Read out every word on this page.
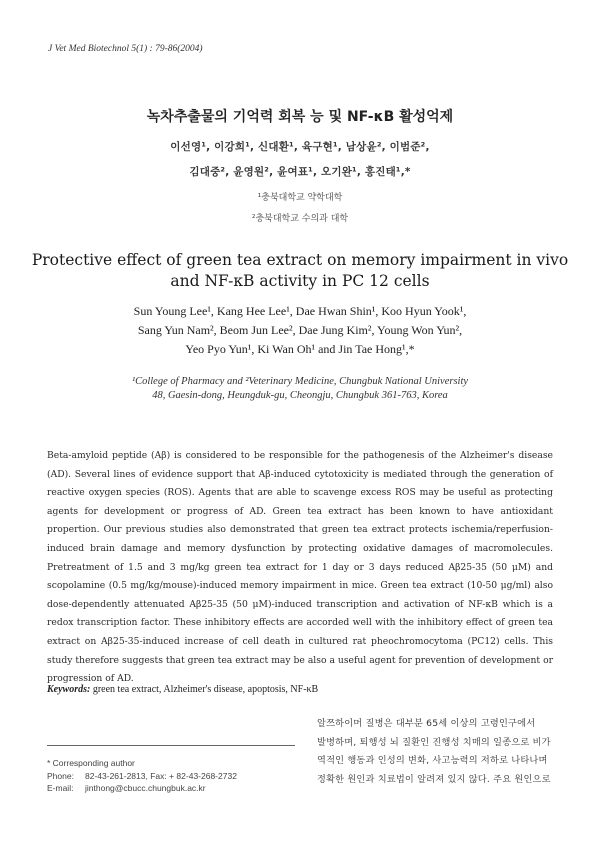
J Vet Med Biotechnol 5(1) : 79-86(2004)
녹차추출물의 기억력 회복 능 및 NF-κB 활성억제
이선영¹, 이강희¹, 신대환¹, 육구현¹, 남상윤², 이범준²,
김대중², 윤영원², 윤여표¹, 오기완¹, 홍진태¹,*
¹충북대학교 약학대학
²충북대학교 수의과 대학
Protective effect of green tea extract on memory impairment in vivo
and NF-κB activity in PC 12 cells
Sun Young Lee¹, Kang Hee Lee¹, Dae Hwan Shin¹, Koo Hyun Yook¹,
Sang Yun Nam², Beom Jun Lee², Dae Jung Kim², Young Won Yun²,
Yeo Pyo Yun¹, Ki Wan Oh¹ and Jin Tae Hong¹,*
¹College of Pharmacy and ²Veterinary Medicine, Chungbuk National University
48, Gaesin-dong, Heungduk-gu, Cheongju, Chungbuk 361-763, Korea

Beta-amyloid peptide (Aβ) is considered to be responsible for the pathogenesis of the Alzheimer's disease (AD). Several lines of evidence support that Aβ-induced cytotoxicity is mediated through the generation of reactive oxygen species (ROS). Agents that are able to scavenge excess ROS may be useful as protecting agents for development or progress of AD. Green tea extract has been known to have antioxidant propertion. Our previous studies also demonstrated that green tea extract protects ischemia/reperfusion-induced brain damage and memory dysfunction by protecting oxidative damages of macromolecules. Pretreatment of 1.5 and 3 mg/kg green tea extract for 1 day or 3 days reduced Aβ25-35 (50 μM) and scopolamine (0.5 mg/kg/mouse)-induced memory impairment in mice. Green tea extract (10-50 μg/ml) also dose-dependently attenuated Aβ25-35 (50 μM)-induced transcription and activation of NF-κB which is a redox transcription factor. These inhibitory effects are accorded well with the inhibitory effect of green tea extract on Aβ25-35-induced increase of cell death in cultured rat pheochromocytoma (PC12) cells. This study therefore suggests that green tea extract may be also a useful agent for prevention of development or progression of AD.

Keywords: green tea extract, Alzheimer's disease, apoptosis, NF-κB
* Corresponding author
Phone:	82-43-261-2813, Fax: + 82-43-268-2732
E-mail:	jinthong@cbucc.chungbuk.ac.kr
알쯔하이머 질병은 대부분 65세 이상의 고령인구에서
발병하며, 퇴행성 뇌 질환인 진행성 치매의 일종으로 비가
역적인 행동과 인성의 변화, 사고능력의 저하로 나타나며
정확한 원인과 치료법이 알려져 있지 않다. 주요 원인으로
